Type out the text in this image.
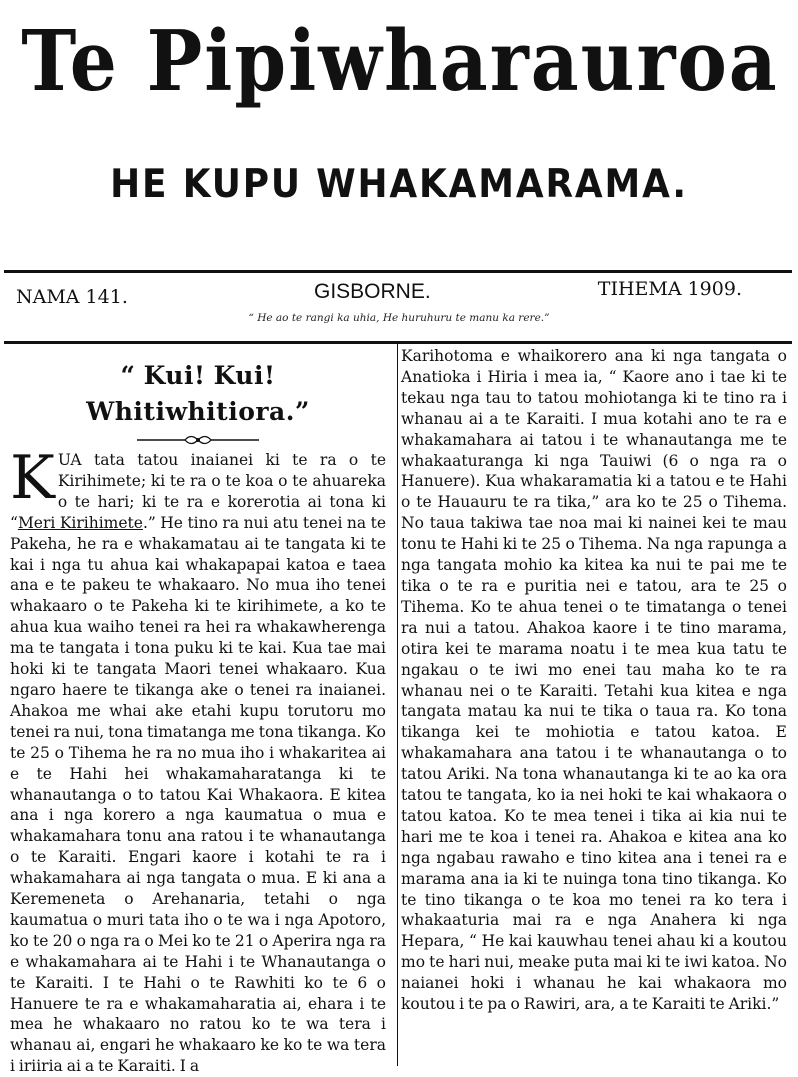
Te Pipiwharauroa
HE KUPU WHAKAMARAMA.
NAMA 141.	GISBORNE.	TIHEMA 1909.
“ He ao te rangi ka uhia, He huruhuru te manu ka rere.”
“ Kui! Kui! Whitiwhitiora.”

KUA tata tatou inaianei ki te ra o te Kirihimete; ki te ra o te koa o te ahuareka o te hari; ki te ra e korerotia ai tona ki “Meri Kirihimete.” He tino ra nui atu tenei na te Pakeha, he ra e whakamatau ai te tangata ki te kai i nga tu ahua kai whakapapai katoa e taea ana e te pakeu te whakaaro. No mua iho tenei whakaaro o te Pakeha ki te kirihimete, a ko te ahua kua waiho tenei ra hei ra whakawherenga ma te tangata i tona puku ki te kai. Kua tae mai hoki ki te tangata Maori tenei whakaaro. Kua ngaro haere te tikanga ake o tenei ra inaianei. Ahakoa me whai ake etahi kupu torutoru mo tenei ra nui, tona timatanga me tona tikanga. Ko te 25 o Tihema he ra no mua iho i whakaritea ai e te Hahi hei whakamaharatanga ki te whanautanga o to tatou Kai Whakaora. E kitea ana i nga korero a nga kaumatua o mua e whakamahara tonu ana ratou i te whanautanga o te Karaiti. Engari kaore i kotahi te ra i whakamahara ai nga tangata o mua. E ki ana a Keremeneta o Arehanaria, tetahi o nga kaumatua o muri tata iho o te wa i nga Apotoro, ko te 20 o nga ra o Mei ko te 21 o Aperira nga ra e whakamahara ai te Hahi i te Whanautanga o te Karaiti. I te Hahi o te Rawhiti ko te 6 o Hanuere te ra e whakamaharatia ai, ehara i te mea he whakaaro no ratou ko te wa tera i whanau ai, engari he whakaaro ke ko te wa tera i iriiria ai a te Karaiti. I a

Karihotoma e whaikorero ana ki nga tangata o Anatioka i Hiria i mea ia, “ Kaore ano i tae ki te tekau nga tau to tatou mohiotanga ki te tino ra i whanau ai a te Karaiti. I mua kotahi ano te ra e whakamahara ai tatou i te whanautanga me te whakaaturanga ki nga Tauiwi (6 o nga ra o Hanuere). Kua whakaramatia ki a tatou e te Hahi o te Hauauru te ra tika,” ara ko te 25 o Tihema. No taua takiwa tae noa mai ki nainei kei te mau tonu te Hahi ki te 25 o Tihema. Na nga rapunga a nga tangata mohio ka kitea ka nui te pai me te tika o te ra e puritia nei e tatou, ara te 25 o Tihema. Ko te ahua tenei o te timatanga o tenei ra nui a tatou. Ahakoa kaore i te tino marama, otira kei te marama noatu i te mea kua tatu te ngakau o te iwi mo enei tau maha ko te ra whanau nei o te Karaiti. Tetahi kua kitea e nga tangata matau ka nui te tika o taua ra. Ko tona tikanga kei te mohiotia e tatou katoa. E whakamahara ana tatou i te whanautanga o to tatou Ariki. Na tona whanautanga ki te ao ka ora tatou te tangata, ko ia nei hoki te kai whakaora o tatou katoa. Ko te mea tenei i tika ai kia nui te hari me te koa i tenei ra. Ahakoa e kitea ana ko nga ngabau rawaho e tino kitea ana i tenei ra e marama ana ia ki te nuinga tona tino tikanga. Ko te tino tikanga o te koa mo tenei ra ko tera i whakaaturia mai ra e nga Anahera ki nga Hepara, “ He kai kauwhau tenei ahau ki a koutou mo te hari nui, meake puta mai ki te iwi katoa. No naianei hoki i whanau he kai whakaora mo koutou i te pa o Rawiri, ara, a te Karaiti te Ariki.”
